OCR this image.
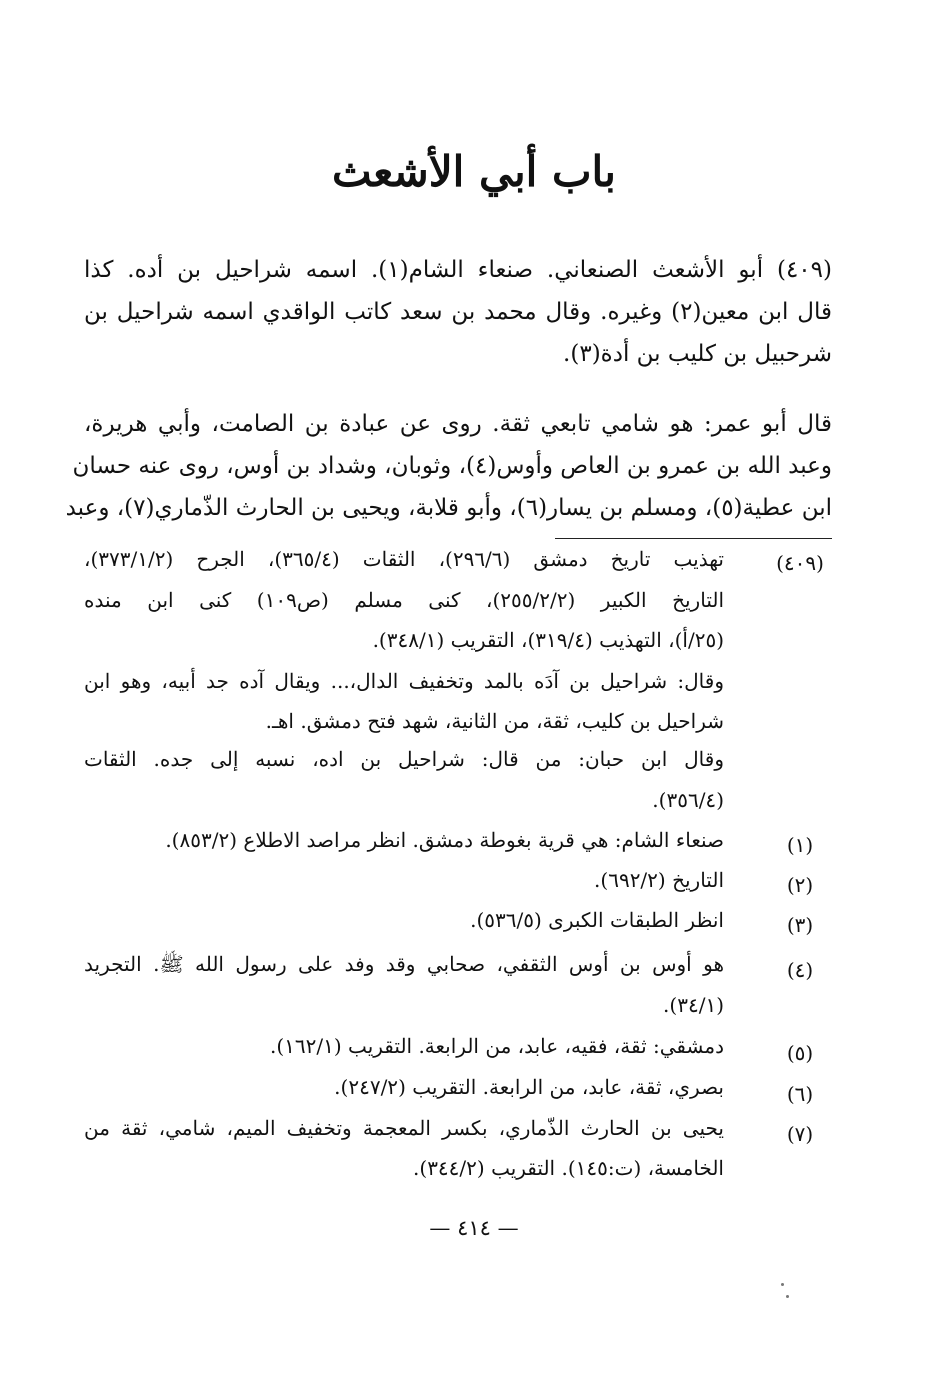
باب أبي الأشعث
(٤٠٩) أبو الأشعث الصنعاني. صنعاء الشام(١). اسمه شراحيل بن أده. كذا
قال ابن معين(٢) وغيره. وقال محمد بن سعد كاتب الواقدي اسمه شراحيل بن
شرحبيل بن كليب بن أدة(٣).
قال أبو عمر: هو شامي تابعي ثقة. روى عن عبادة بن الصامت، وأبي هريرة،
وعبد الله بن عمرو بن العاص وأوس(٤)، وثوبان، وشداد بن أوس، روى عنه حسان
ابن عطية(٥)، ومسلم بن يسار(٦)، وأبو قلابة، ويحيى بن الحارث الذّماري(٧)، وعبد
(٤٠٩)
تهذيب تاريخ دمشق (٢٩٦/٦)، الثقات (٣٦٥/٤)، الجرح (٣٧٣/١/٢)،
التاريخ الكبير (٢٥٥/٢/٢)، كنى مسلم (ص١٠٩) كنى ابن منده
(٢٥/أ)، التهذيب (٣١٩/٤)، التقريب (٣٤٨/١).
وقال: شراحيل بن آدَه بالمد وتخفيف الدال،... ويقال آده جد أبيه، وهو ابن
شراحيل بن كليب، ثقة، من الثانية، شهد فتح دمشق. اهـ.
وقال ابن حبان: من قال: شراحيل بن اده، نسبه إلى جده. الثقات
(٣٥٦/٤).
(١)
صنعاء الشام: هي قرية بغوطة دمشق. انظر مراصد الاطلاع (٨٥٣/٢).
(٢)
التاريخ (٦٩٢/٢).
(٣)
انظر الطبقات الكبرى (٥٣٦/٥).
(٤)
هو أوس بن أوس الثقفي، صحابي وقد وفد على رسول الله ﷺ. التجريد
(٣٤/١).
(٥)
دمشقي: ثقة، فقيه، عابد، من الرابعة. التقريب (١٦٢/١).
(٦)
بصري، ثقة، عابد، من الرابعة. التقريب (٢٤٧/٢).
(٧)
يحيى بن الحارث الذّماري، بكسر المعجمة وتخفيف الميم، شامي، ثقة من
الخامسة، (ت:١٤٥). التقريب (٣٤٤/٢).
— ٤١٤ —
